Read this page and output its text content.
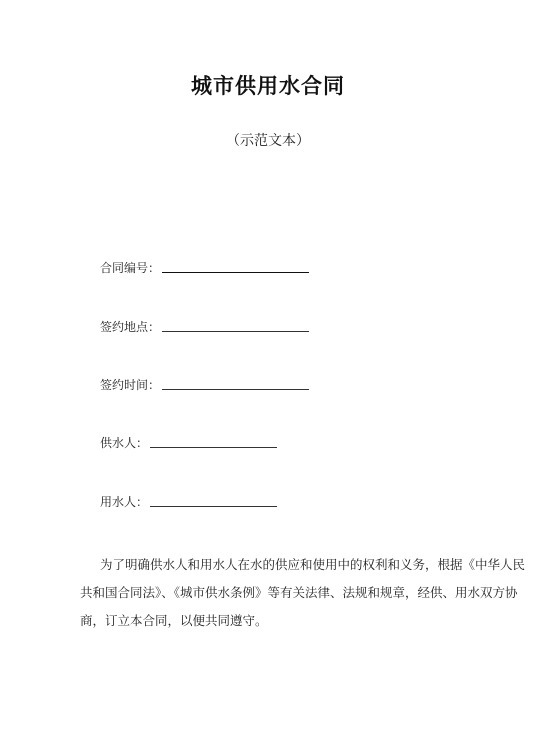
城市供用水合同
（示范文本）
合同编号：
签约地点：
签约时间：
供水人：
用水人：
为了明确供水人和用水人在水的供应和使用中的权利和义务，根据《中华人民
共和国合同法》、《城市供水条例》等有关法律、法规和规章，经供、用水双方协
商，订立本合同，以便共同遵守。
